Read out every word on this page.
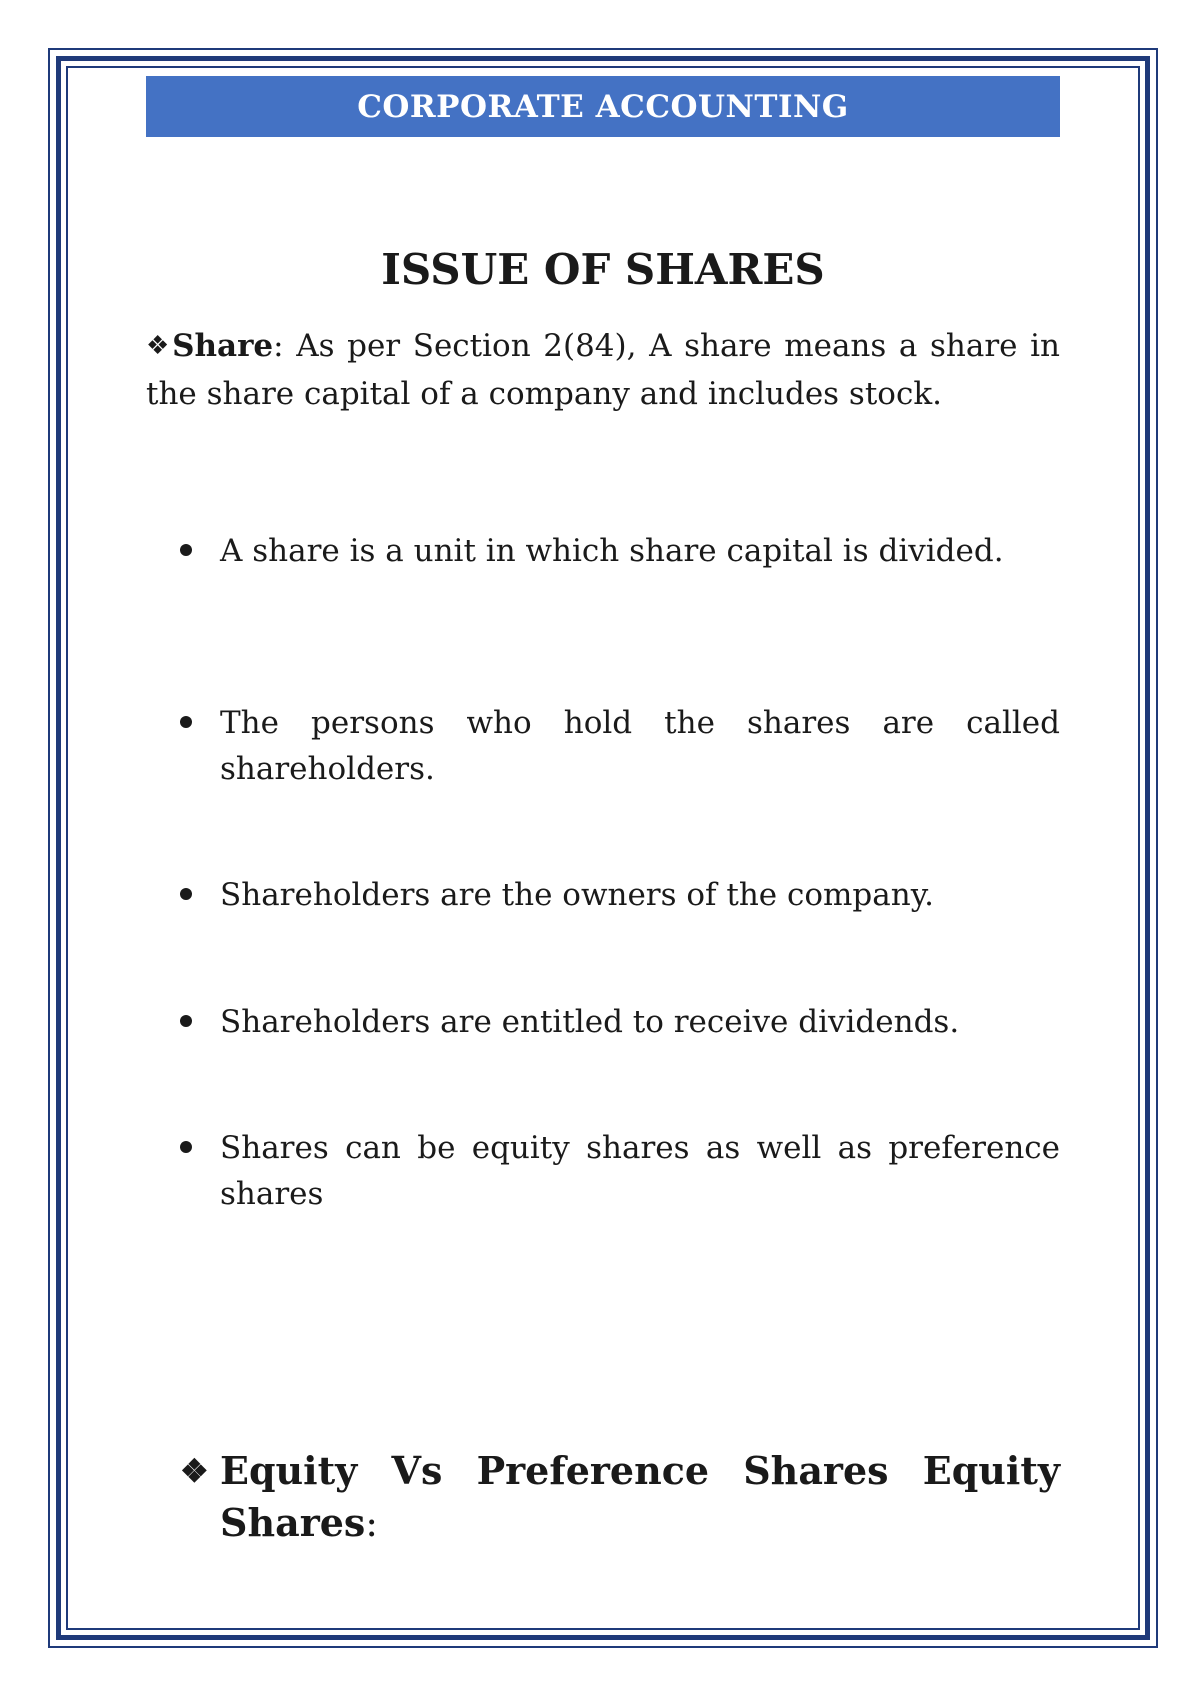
CORPORATE ACCOUNTING
ISSUE OF SHARES

❖Share: As per Section 2(84), A share means a share in the share capital of a company and includes stock.

A share is a unit in which share capital is divided.
The persons who hold the shares are called shareholders.
Shareholders are the owners of the company.
Shareholders are entitled to receive dividends.
Shares can be equity shares as well as preference shares
❖ Equity Vs Preference Shares Equity Shares:
